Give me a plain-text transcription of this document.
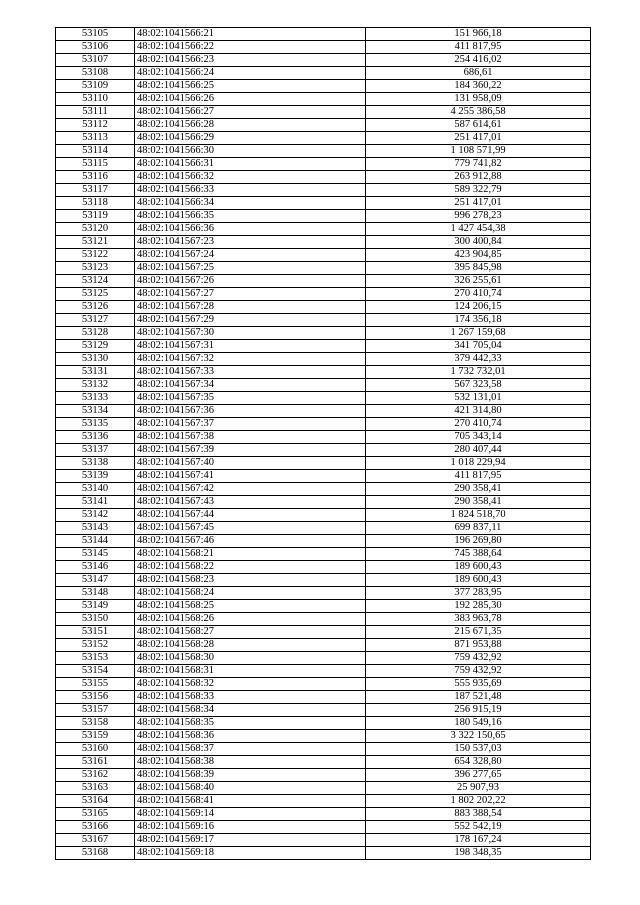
53105	48:02:1041566:21	151 966,18
53106	48:02:1041566:22	411 817,95
53107	48:02:1041566:23	254 416,02
53108	48:02:1041566:24	686,61
53109	48:02:1041566:25	184 360,22
53110	48:02:1041566:26	131 958,09
53111	48:02:1041566:27	4 255 386,58
53112	48:02:1041566:28	587 614,61
53113	48:02:1041566:29	251 417,01
53114	48:02:1041566:30	1 108 571,99
53115	48:02:1041566:31	779 741,82
53116	48:02:1041566:32	263 912,88
53117	48:02:1041566:33	589 322,79
53118	48:02:1041566:34	251 417,01
53119	48:02:1041566:35	996 278,23
53120	48:02:1041566:36	1 427 454,38
53121	48:02:1041567:23	300 400,84
53122	48:02:1041567:24	423 904,85
53123	48:02:1041567:25	395 845,98
53124	48:02:1041567:26	326 255,61
53125	48:02:1041567:27	270 410,74
53126	48:02:1041567:28	124 206,15
53127	48:02:1041567:29	174 356,18
53128	48:02:1041567:30	1 267 159,68
53129	48:02:1041567:31	341 705,04
53130	48:02:1041567:32	379 442,33
53131	48:02:1041567:33	1 732 732,01
53132	48:02:1041567:34	567 323,58
53133	48:02:1041567:35	532 131,01
53134	48:02:1041567:36	421 314,80
53135	48:02:1041567:37	270 410,74
53136	48:02:1041567:38	705 343,14
53137	48:02:1041567:39	280 407,44
53138	48:02:1041567:40	1 018 229,94
53139	48:02:1041567:41	411 817,95
53140	48:02:1041567:42	290 358,41
53141	48:02:1041567:43	290 358,41
53142	48:02:1041567:44	1 824 518,70
53143	48:02:1041567:45	699 837,11
53144	48:02:1041567:46	196 269,80
53145	48:02:1041568:21	745 388,64
53146	48:02:1041568:22	189 600,43
53147	48:02:1041568:23	189 600,43
53148	48:02:1041568:24	377 283,95
53149	48:02:1041568:25	192 285,30
53150	48:02:1041568:26	383 963,78
53151	48:02:1041568:27	215 671,35
53152	48:02:1041568:28	871 953,88
53153	48:02:1041568:30	759 432,92
53154	48:02:1041568:31	759 432,92
53155	48:02:1041568:32	555 935,69
53156	48:02:1041568:33	187 521,48
53157	48:02:1041568:34	256 915,19
53158	48:02:1041568:35	180 549,16
53159	48:02:1041568:36	3 322 150,65
53160	48:02:1041568:37	150 537,03
53161	48:02:1041568:38	654 328,80
53162	48:02:1041568:39	396 277,65
53163	48:02:1041568:40	25 907,93
53164	48:02:1041568:41	1 802 202,22
53165	48:02:1041569:14	883 388,54
53166	48:02:1041569:16	552 542,19
53167	48:02:1041569:17	178 167,24
53168	48:02:1041569:18	198 348,35
